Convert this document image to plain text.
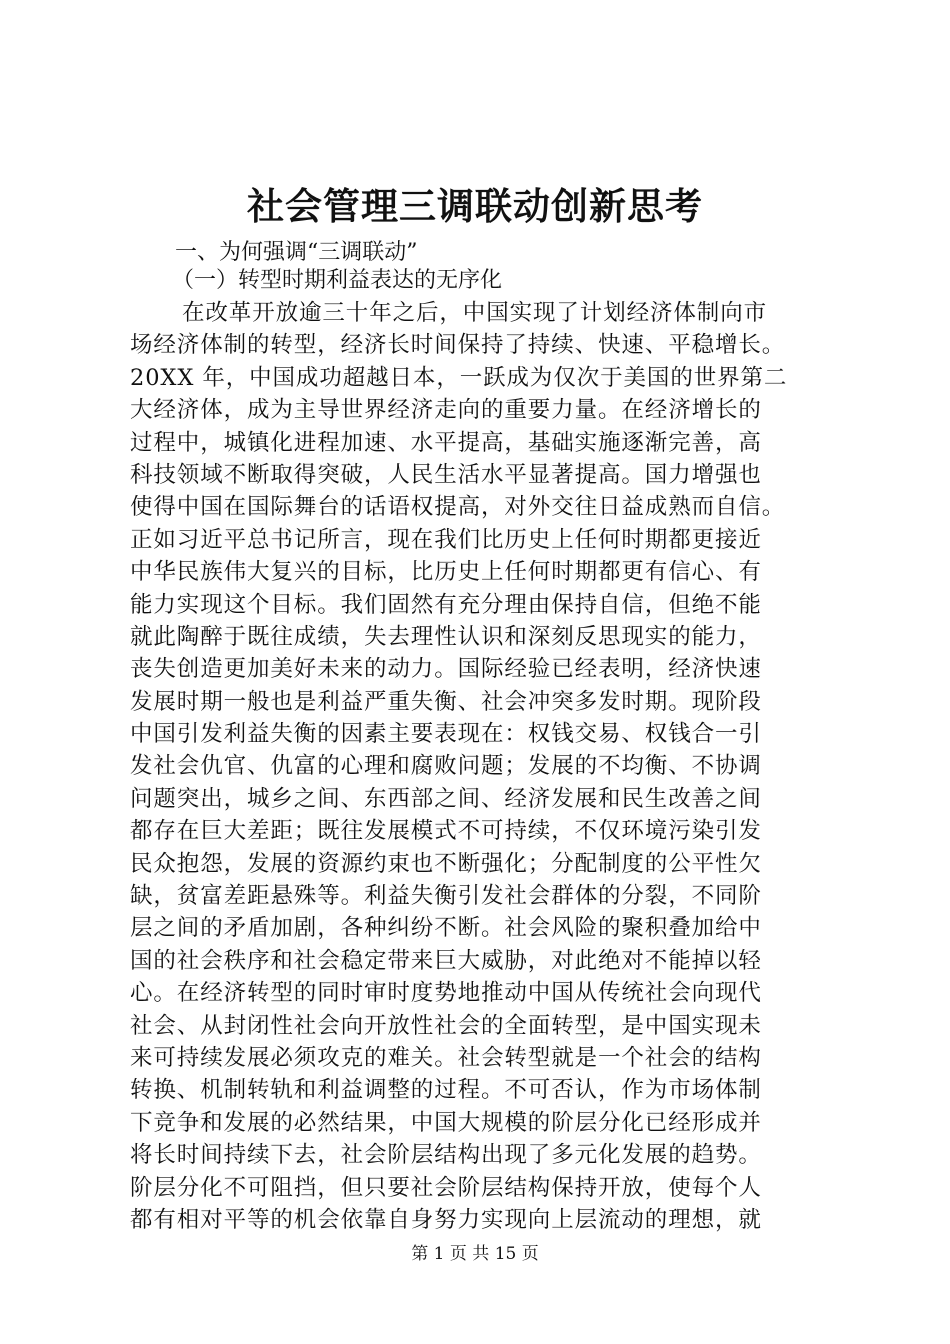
社会管理三调联动创新思考

一、为何强调“三调联动”

（一）转型时期利益表达的无序化

在改革开放逾三十年之后，中国实现了计划经济体制向市
场经济体制的转型，经济长时间保持了持续、快速、平稳增长。
20XX 年，中国成功超越日本，一跃成为仅次于美国的世界第二
大经济体，成为主导世界经济走向的重要力量。在经济增长的
过程中，城镇化进程加速、水平提高，基础实施逐渐完善，高
科技领域不断取得突破，人民生活水平显著提高。国力增强也
使得中国在国际舞台的话语权提高，对外交往日益成熟而自信。
正如习近平总书记所言，现在我们比历史上任何时期都更接近
中华民族伟大复兴的目标，比历史上任何时期都更有信心、有
能力实现这个目标。我们固然有充分理由保持自信，但绝不能
就此陶醉于既往成绩，失去理性认识和深刻反思现实的能力，
丧失创造更加美好未来的动力。国际经验已经表明，经济快速
发展时期一般也是利益严重失衡、社会冲突多发时期。现阶段
中国引发利益失衡的因素主要表现在：权钱交易、权钱合一引
发社会仇官、仇富的心理和腐败问题；发展的不均衡、不协调
问题突出，城乡之间、东西部之间、经济发展和民生改善之间
都存在巨大差距；既往发展模式不可持续，不仅环境污染引发
民众抱怨，发展的资源约束也不断强化；分配制度的公平性欠
缺，贫富差距悬殊等。利益失衡引发社会群体的分裂，不同阶
层之间的矛盾加剧，各种纠纷不断。社会风险的聚积叠加给中
国的社会秩序和社会稳定带来巨大威胁，对此绝对不能掉以轻
心。在经济转型的同时审时度势地推动中国从传统社会向现代
社会、从封闭性社会向开放性社会的全面转型，是中国实现未
来可持续发展必须攻克的难关。社会转型就是一个社会的结构
转换、机制转轨和利益调整的过程。不可否认，作为市场体制
下竞争和发展的必然结果，中国大规模的阶层分化已经形成并
将长时间持续下去，社会阶层结构出现了多元化发展的趋势。
阶层分化不可阻挡，但只要社会阶层结构保持开放，使每个人
都有相对平等的机会依靠自身努力实现向上层流动的理想，就
第 1 页 共 15 页
